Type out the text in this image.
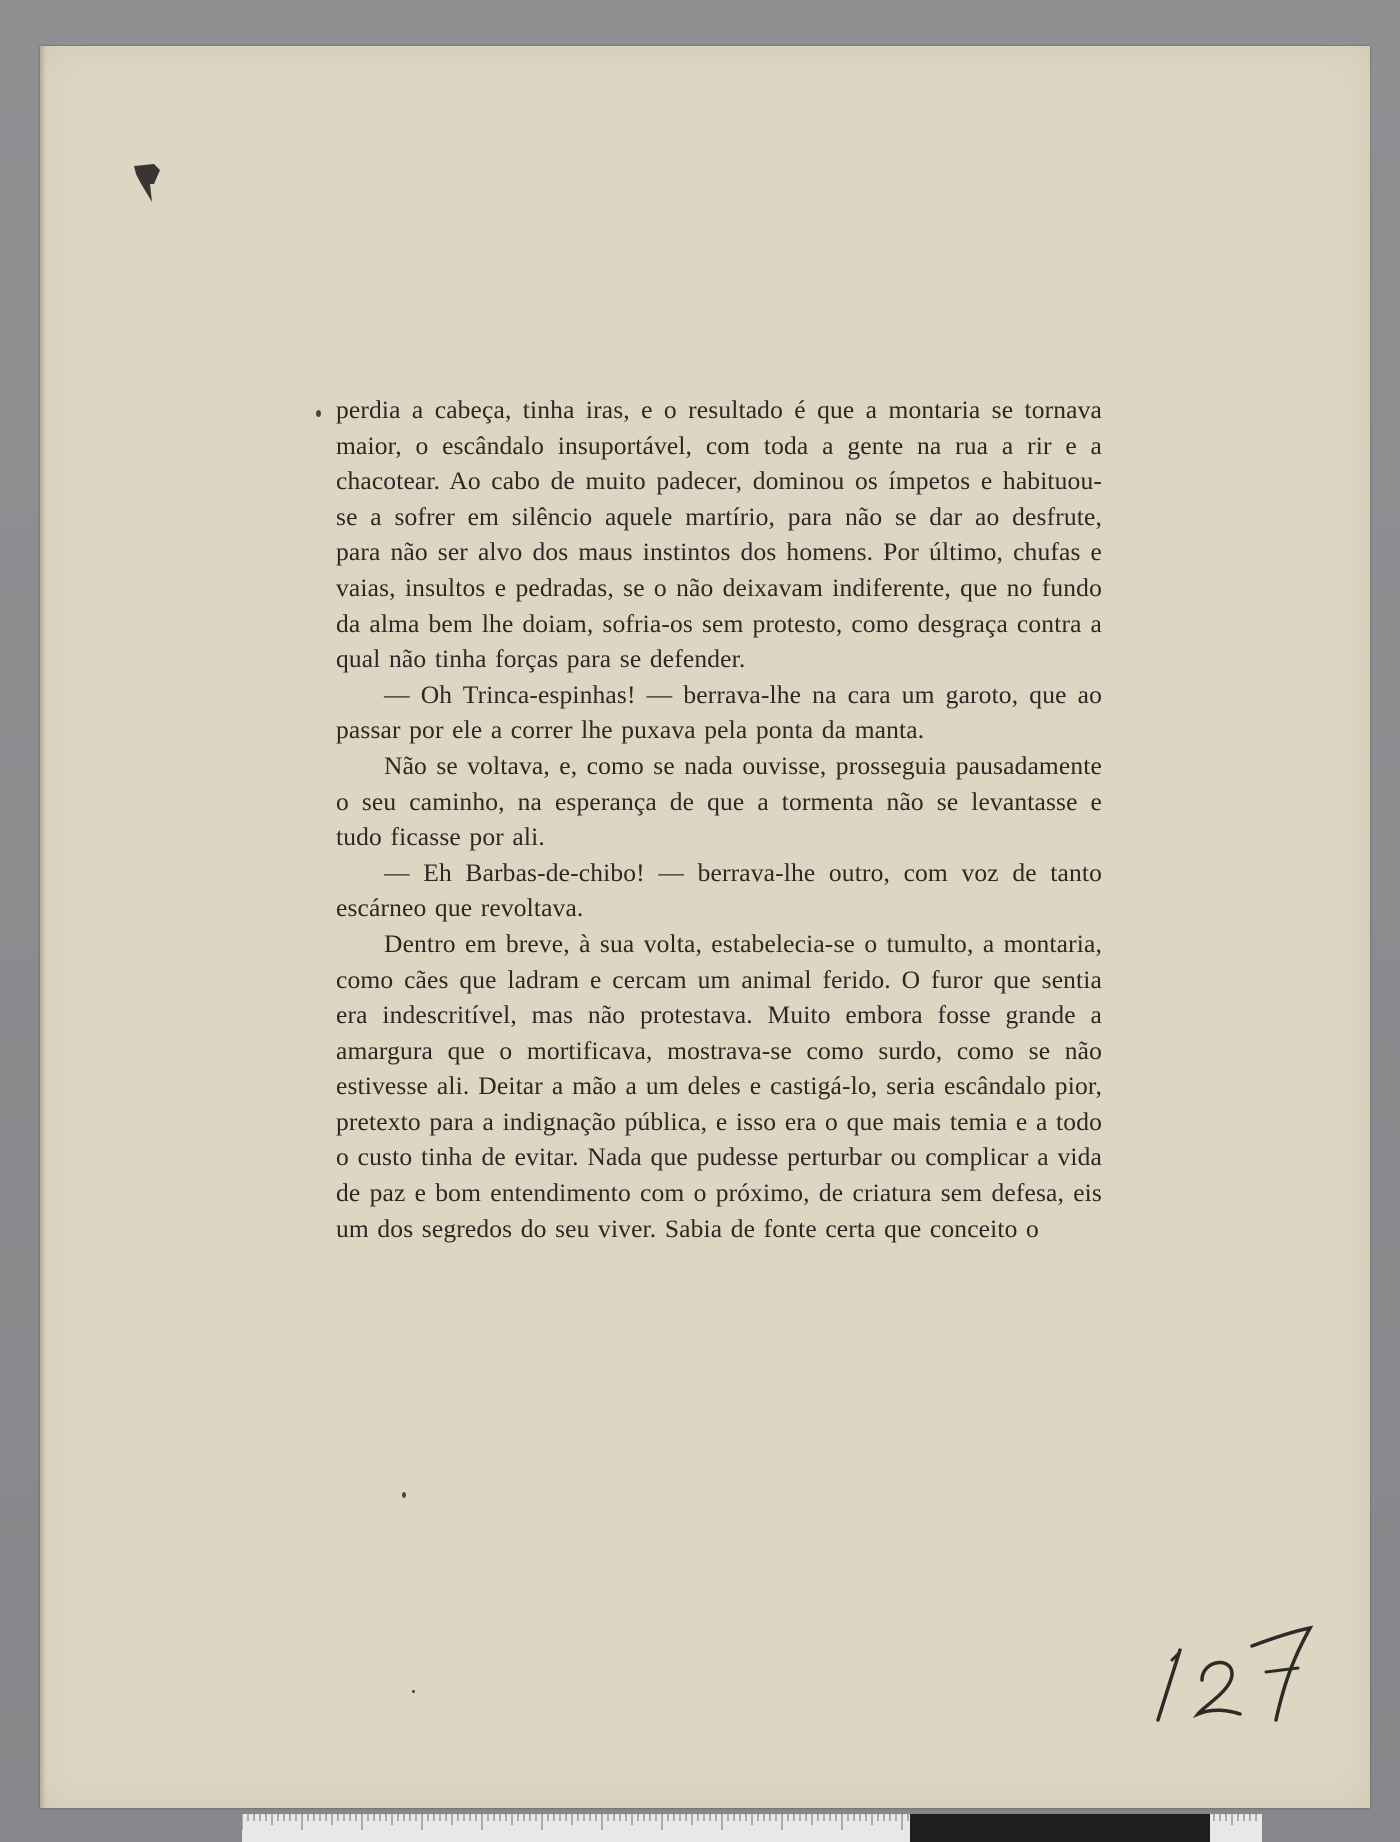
perdia a cabeça, tinha iras, e o resultado é que a montaria se tornava maior, o escândalo insuportável, com toda a gente na rua a rir e a chacotear. Ao cabo de muito padecer, dominou os ímpetos e habituou-se a sofrer em silêncio aquele martírio, para não se dar ao desfrute, para não ser alvo dos maus instintos dos homens. Por último, chufas e vaias, insultos e pedradas, se o não deixavam indiferente, que no fundo da alma bem lhe doiam, sofria-os sem protesto, como desgraça contra a qual não tinha forças para se defender.

— Oh Trinca-espinhas! — berrava-lhe na cara um garoto, que ao passar por ele a correr lhe puxava pela ponta da manta.

Não se voltava, e, como se nada ouvisse, prosseguia pausadamente o seu caminho, na esperança de que a tormenta não se levantasse e tudo ficasse por ali.

— Eh Barbas-de-chibo! — berrava-lhe outro, com voz de tanto escárneo que revoltava.

Dentro em breve, à sua volta, estabelecia-se o tumulto, a montaria, como cães que ladram e cercam um animal ferido. O furor que sentia era indescritível, mas não protestava. Muito embora fosse grande a amargura que o mortificava, mostrava-se como surdo, como se não estivesse ali. Deitar a mão a um deles e castigá-lo, seria escândalo pior, pretexto para a indignação pública, e isso era o que mais temia e a todo o custo tinha de evitar. Nada que pudesse perturbar ou complicar a vida de paz e bom entendimento com o próximo, de criatura sem defesa, eis um dos segredos do seu viver. Sabia de fonte certa que conceito o
